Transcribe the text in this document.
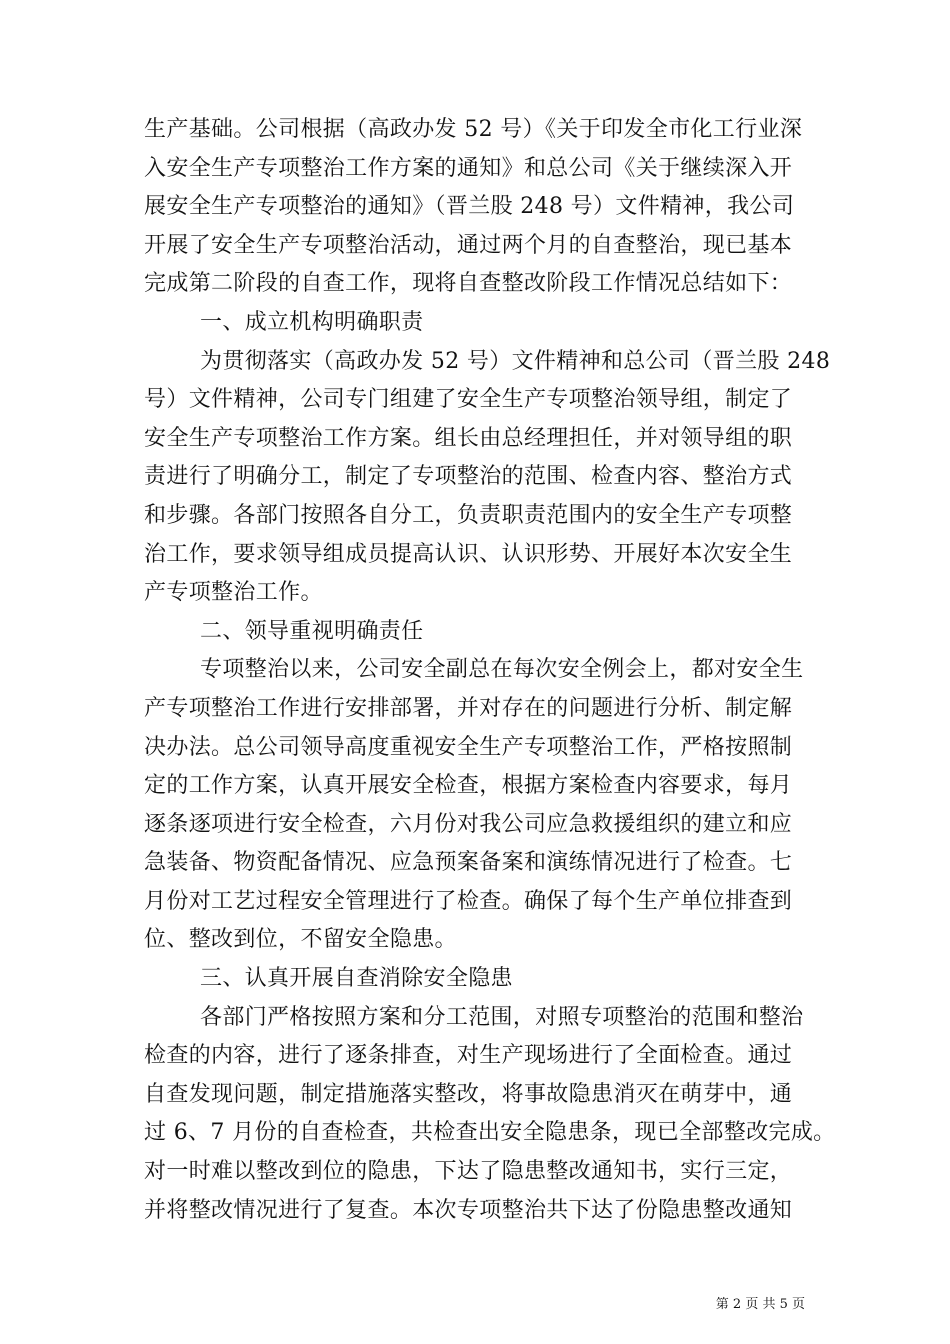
生产基础。公司根据（高政办发 52 号）《关于印发全市化工行业深
入安全生产专项整治工作方案的通知》和总公司《关于继续深入开
展安全生产专项整治的通知》（晋兰股 248 号）文件精神，我公司
开展了安全生产专项整治活动，通过两个月的自查整治，现已基本
完成第二阶段的自查工作，现将自查整改阶段工作情况总结如下：
一、成立机构明确职责
为贯彻落实（高政办发 52 号）文件精神和总公司（晋兰股 248
号）文件精神，公司专门组建了安全生产专项整治领导组，制定了
安全生产专项整治工作方案。组长由总经理担任，并对领导组的职
责进行了明确分工，制定了专项整治的范围、检查内容、整治方式
和步骤。各部门按照各自分工，负责职责范围内的安全生产专项整
治工作，要求领导组成员提高认识、认识形势、开展好本次安全生
产专项整治工作。
二、领导重视明确责任
专项整治以来，公司安全副总在每次安全例会上，都对安全生
产专项整治工作进行安排部署，并对存在的问题进行分析、制定解
决办法。总公司领导高度重视安全生产专项整治工作，严格按照制
定的工作方案，认真开展安全检查，根据方案检查内容要求，每月
逐条逐项进行安全检查，六月份对我公司应急救援组织的建立和应
急装备、物资配备情况、应急预案备案和演练情况进行了检查。七
月份对工艺过程安全管理进行了检查。确保了每个生产单位排查到
位、整改到位，不留安全隐患。
三、认真开展自查消除安全隐患
各部门严格按照方案和分工范围，对照专项整治的范围和整治
检查的内容，进行了逐条排查，对生产现场进行了全面检查。通过
自查发现问题，制定措施落实整改，将事故隐患消灭在萌芽中，通
过 6、7 月份的自查检查，共检查出安全隐患条，现已全部整改完成。
对一时难以整改到位的隐患，下达了隐患整改通知书，实行三定，
并将整改情况进行了复查。本次专项整治共下达了份隐患整改通知
第 2 页 共 5 页
